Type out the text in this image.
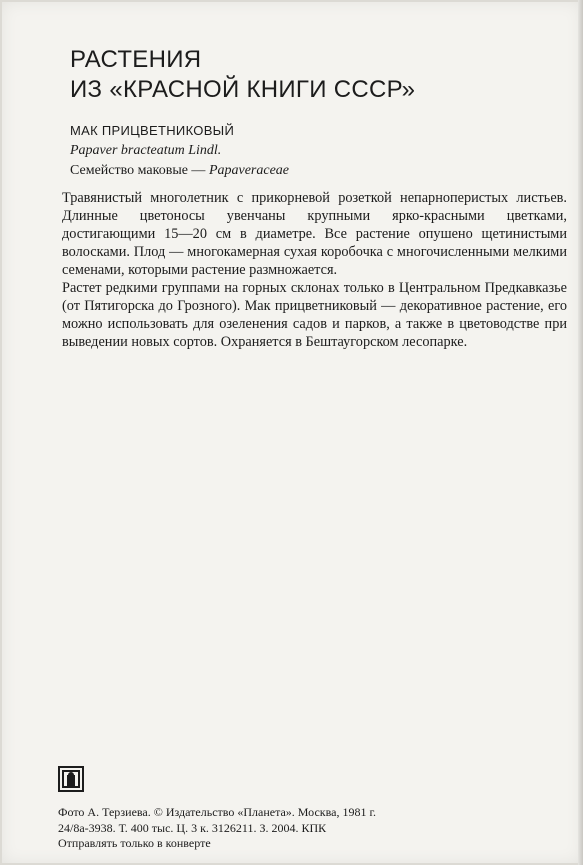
РАСТЕНИЯ
ИЗ «КРАСНОЙ КНИГИ СССР»
МАК ПРИЦВЕТНИКОВЫЙ
Papaver bracteatum Lindl.
Семейство маковые — Papaveraceae

Травянистый многолетник с прикорневой розеткой непарноперистых листьев. Длинные цветоносы увенчаны крупными ярко-красными цветками, достигающими 15—20 см в диаметре. Все растение опушено щетинистыми волосками. Плод — многокамерная сухая коробочка с многочисленными мелкими семенами, которыми растение размножается.

Растет редкими группами на горных склонах только в Центральном Предкавказье (от Пятигорска до Грозного). Мак прицветниковый — декоративное растение, его можно использовать для озеленения садов и парков, а также в цветоводстве при выведении новых сортов. Охраняется в Бештаугорском лесопарке.

Фото А. Терзиева. © Издательство «Планета». Москва, 1981 г.
24/8а-3938. Т. 400 тыс. Ц. 3 к. 3126211. З. 2004. КПК
Отправлять только в конверте
